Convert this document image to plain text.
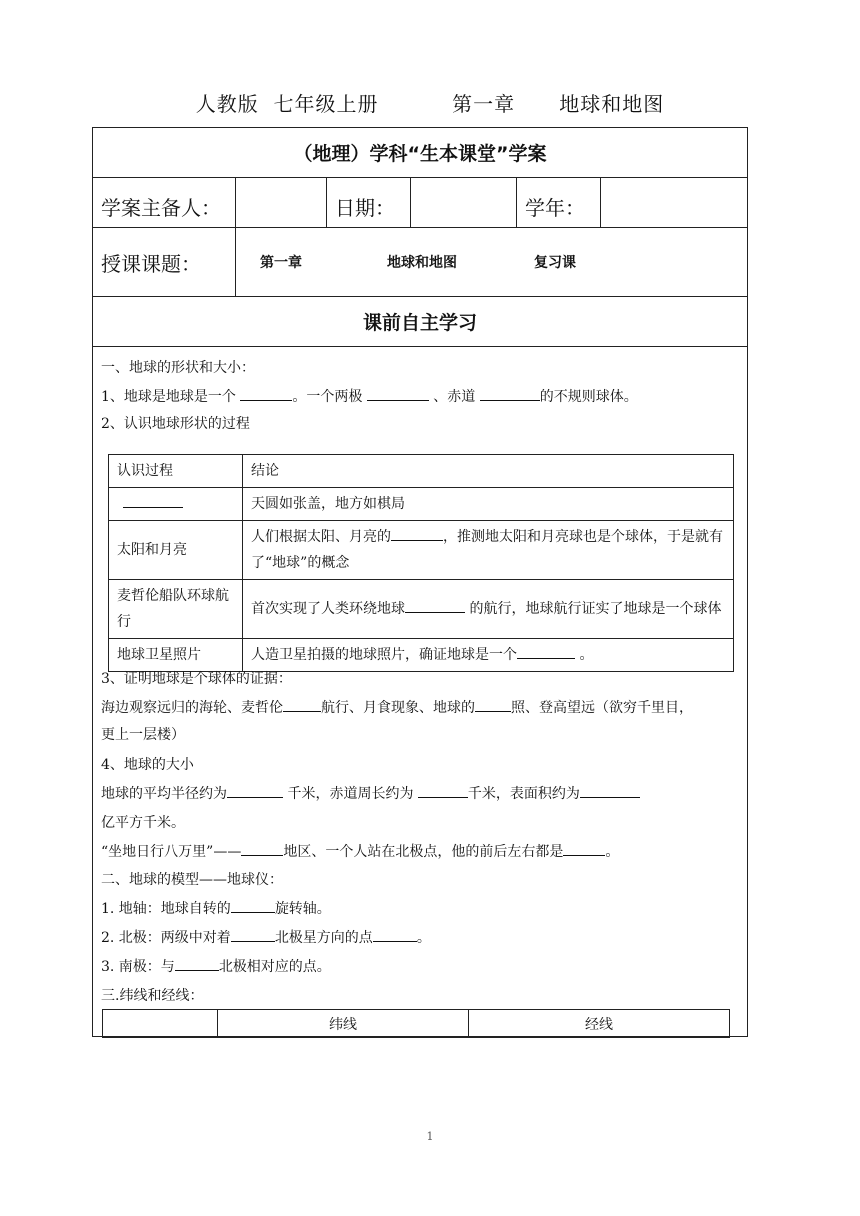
人教版  七年级上册          第一章      地球和地图
（地理）学科“生本课堂”学案
学案主备人：	日期：	学年：
授课课题：	第一章	地球和地图	复习课
课前自主学习
一、地球的形状和大小：
1、地球是地球是一个	。一个两极	、赤道	的不规则球体。
2、认识地球形状的过程
认识过程	结论
	天圆如张盖，地方如棋局
太阳和月亮	人们根据太阳、月亮的 ，推测地太阳和月亮球也是个球体，于是就有了“地球”的概念
麦哲伦船队环球航行	首次实现了人类环绕地球 的航行，地球航行证实了地球是一个球体
地球卫星照片	人造卫星拍摄的地球照片，确证地球是一个 。
3、证明地球是个球体的证据：
海边观察远归的海轮、麦哲伦	航行、月食现象、地球的	照、登高望远（欲穷千里目，
更上一层楼）
4、地球的大小
地球的平均半径约为	千米，赤道周长约为	千米，表面积约为
亿平方千米。
“坐地日行八万里”——	地区、一个人站在北极点，他的前后左右都是	。
二、地球的模型——地球仪：
1. 地轴：地球自转的	旋转轴。
2. 北极：两级中对着	北极星方向的点	。
3. 南极：与	北极相对应的点。
三.纬线和经线：
	纬线	经线
1
